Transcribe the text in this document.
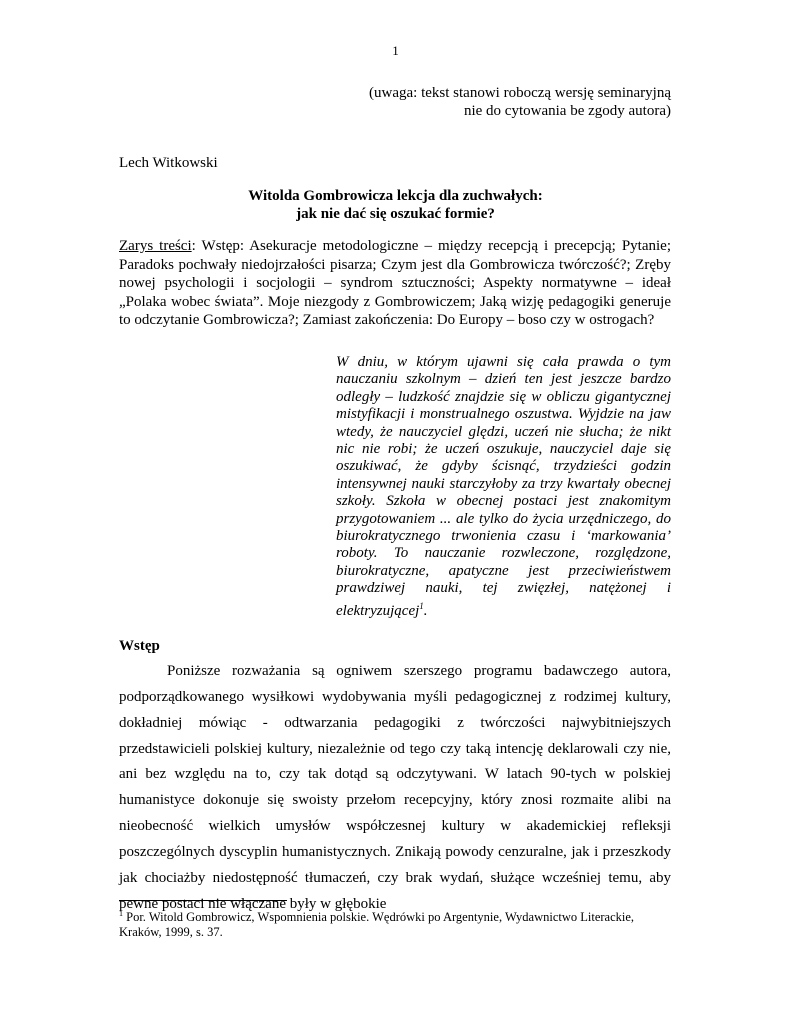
1
(uwaga: tekst stanowi roboczą wersję seminaryjną
nie do cytowania be zgody autora)
Lech Witkowski
Witolda Gombrowicza lekcja dla zuchwałych:
jak nie dać się oszukać formie?
Zarys treści: Wstęp: Asekuracje metodologiczne – między recepcją i precepcją; Pytanie; Paradoks pochwały niedojrzałości pisarza; Czym jest dla Gombrowicza twórczość?; Zręby nowej psychologii i socjologii – syndrom sztuczności; Aspekty normatywne – ideał „Polaka wobec świata”. Moje niezgody z Gombrowiczem; Jaką wizję pedagogiki generuje to odczytanie Gombrowicza?; Zamiast zakończenia: Do Europy – boso czy w ostrogach?
W dniu, w którym ujawni się cała prawda o tym nauczaniu szkolnym – dzień ten jest jeszcze bardzo odległy – ludzkość znajdzie się w obliczu gigantycznej mistyfikacji i monstrualnego oszustwa. Wyjdzie na jaw wtedy, że nauczyciel ględzi, uczeń nie słucha; że nikt nic nie robi; że uczeń oszukuje, nauczyciel daje się oszukiwać, że gdyby ścisnąć, trzydzieści godzin intensywnej nauki starczyłoby za trzy kwartały obecnej szkoły. Szkoła w obecnej postaci jest znakomitym przygotowaniem ... ale tylko do życia urzędniczego, do biurokratycznego trwonienia czasu i ‘markowania’ roboty. To nauczanie rozwleczone, rozględzone, biurokratyczne, apatyczne jest przeciwieństwem prawdziwej nauki, tej zwięzłej, natężonej i elektryzującej$^1$.
Wstęp
Poniższe rozważania są ogniwem szerszego programu badawczego autora, podporządkowanego wysiłkowi wydobywania myśli pedagogicznej z rodzimej kultury, dokładniej mówiąc - odtwarzania pedagogiki z twórczości najwybitniejszych przedstawicieli polskiej kultury, niezależnie od tego czy taką intencję deklarowali czy nie, ani bez względu na to, czy tak dotąd są odczytywani. W latach 90-tych w polskiej humanistyce dokonuje się swoisty przełom recepcyjny, który znosi rozmaite alibi na nieobecność wielkich umysłów współczesnej kultury w akademickiej refleksji poszczególnych dyscyplin humanistycznych. Znikają powody cenzuralne, jak i przeszkody jak chociażby niedostępność tłumaczeń, czy brak wydań, służące wcześniej temu, aby pewne postaci nie włączane były w głębokie
$^1$ Por. Witold Gombrowicz, Wspomnienia polskie. Wędrówki po Argentynie, Wydawnictwo Literackie, Kraków, 1999, s. 37.
